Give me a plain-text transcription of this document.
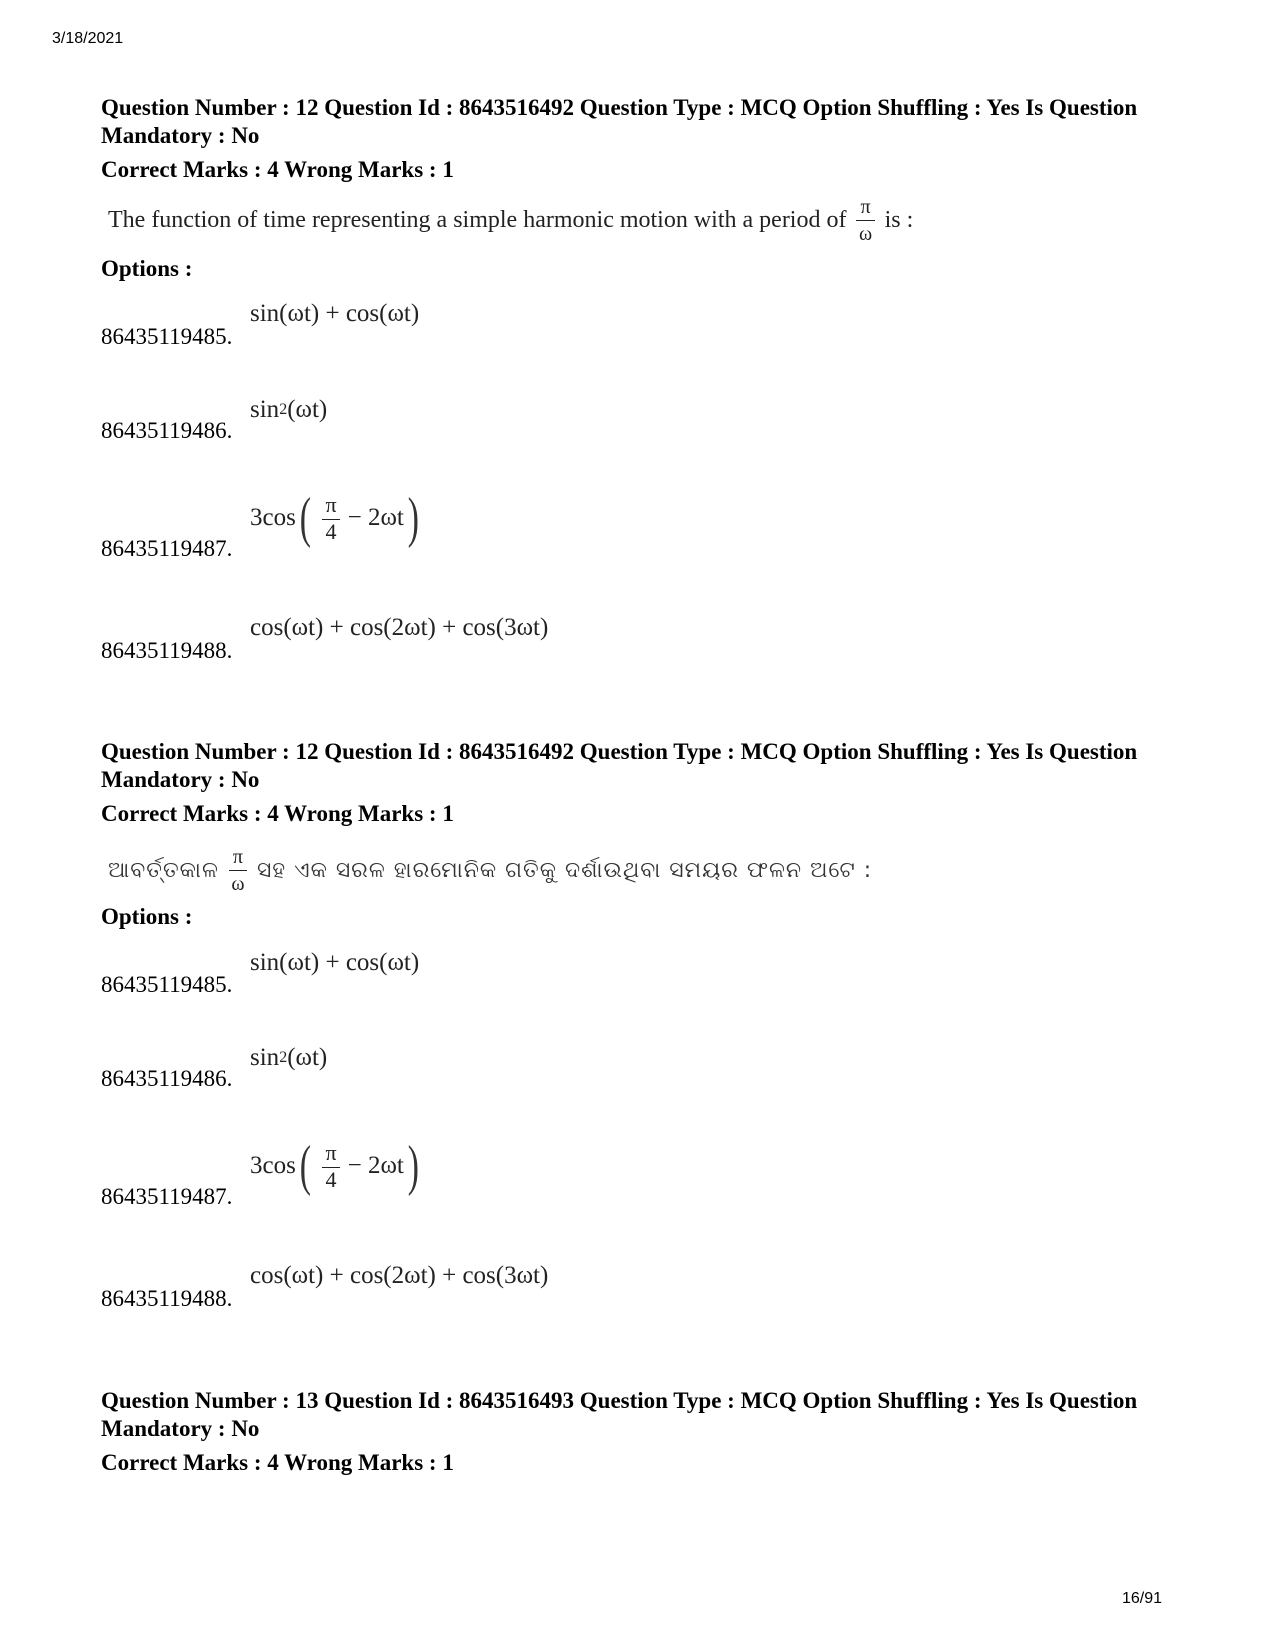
3/18/2021
Question Number : 12 Question Id : 8643516492 Question Type : MCQ Option Shuffling : Yes Is Question Mandatory : No
Correct Marks : 4 Wrong Marks : 1
The function of time representing a simple harmonic motion with a period of $\frac{\pi}{\omega}$ is :
Options :
sin(ωt) + cos(ωt)
86435119485.
sin 2 (ωt)
86435119486.
3cos ( $\frac{\pi}{4} - 2\omega t$ )
86435119487.
cos(ωt) + cos(2ωt) + cos(3ωt)
86435119488.
Question Number : 12 Question Id : 8643516492 Question Type : MCQ Option Shuffling : Yes Is Question Mandatory : No
Correct Marks : 4 Wrong Marks : 1
ଆବର୍ତ୍ତକାଳ $\frac{\pi}{\omega}$ ସହ ଏକ ସରଳ ହାରମୋନିକ ଗତିକୁ ଦର୍ଶାଉଥିବା ସମୟର ଫଳନ ଅଟେ :
Options :
sin(ωt) + cos(ωt)
86435119485.
sin 2 (ωt)
86435119486.
3cos ( $\frac{\pi}{4} - 2\omega t$ )
86435119487.
cos(ωt) + cos(2ωt) + cos(3ωt)
86435119488.
Question Number : 13 Question Id : 8643516493 Question Type : MCQ Option Shuffling : Yes Is Question Mandatory : No
Correct Marks : 4 Wrong Marks : 1
16/91
